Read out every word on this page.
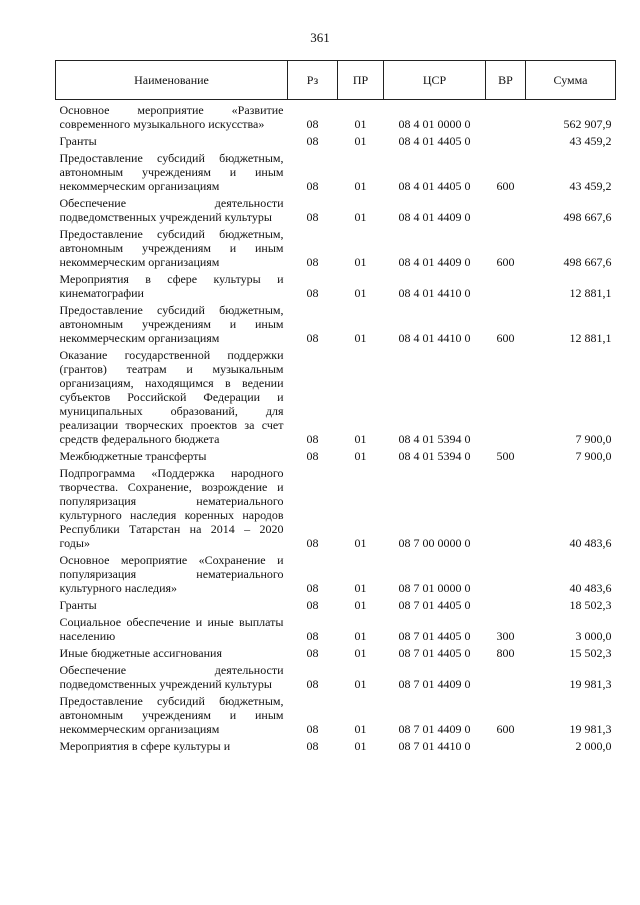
361
Наименование	Рз	ПР	ЦСР	ВР	Сумма
Основное мероприятие «Развитие современного музыкального искусства»	08	01	08 4 01 0000 0		562 907,9
Гранты	08	01	08 4 01 4405 0		43 459,2
Предоставление субсидий бюджетным, автономным учреждениям и иным некоммерческим организациям	08	01	08 4 01 4405 0	600	43 459,2
Обеспечение деятельности подведомственных учреждений культуры	08	01	08 4 01 4409 0		498 667,6
Предоставление субсидий бюджетным, автономным учреждениям и иным некоммерческим организациям	08	01	08 4 01 4409 0	600	498 667,6
Мероприятия в сфере культуры и кинематографии	08	01	08 4 01 4410 0		12 881,1
Предоставление субсидий бюджетным, автономным учреждениям и иным некоммерческим организациям	08	01	08 4 01 4410 0	600	12 881,1
Оказание государственной поддержки (грантов) театрам и музыкальным организациям, находящимся в ведении субъектов Российской Федерации и муниципальных образований, для реализации творческих проектов за счет средств федерального бюджета	08	01	08 4 01 5394 0		7 900,0
Межбюджетные трансферты	08	01	08 4 01 5394 0	500	7 900,0
Подпрограмма «Поддержка народного творчества. Сохранение, возрождение и популяризация нематериального культурного наследия коренных народов Республики Татарстан на 2014 – 2020 годы»	08	01	08 7 00 0000 0		40 483,6
Основное мероприятие «Сохранение и популяризация нематериального культурного наследия»	08	01	08 7 01 0000 0		40 483,6
Гранты	08	01	08 7 01 4405 0		18 502,3
Социальное обеспечение и иные выплаты населению	08	01	08 7 01 4405 0	300	3 000,0
Иные бюджетные ассигнования	08	01	08 7 01 4405 0	800	15 502,3
Обеспечение деятельности подведомственных учреждений культуры	08	01	08 7 01 4409 0		19 981,3
Предоставление субсидий бюджетным, автономным учреждениям и иным некоммерческим организациям	08	01	08 7 01 4409 0	600	19 981,3
Мероприятия в сфере культуры и	08	01	08 7 01 4410 0		2 000,0
